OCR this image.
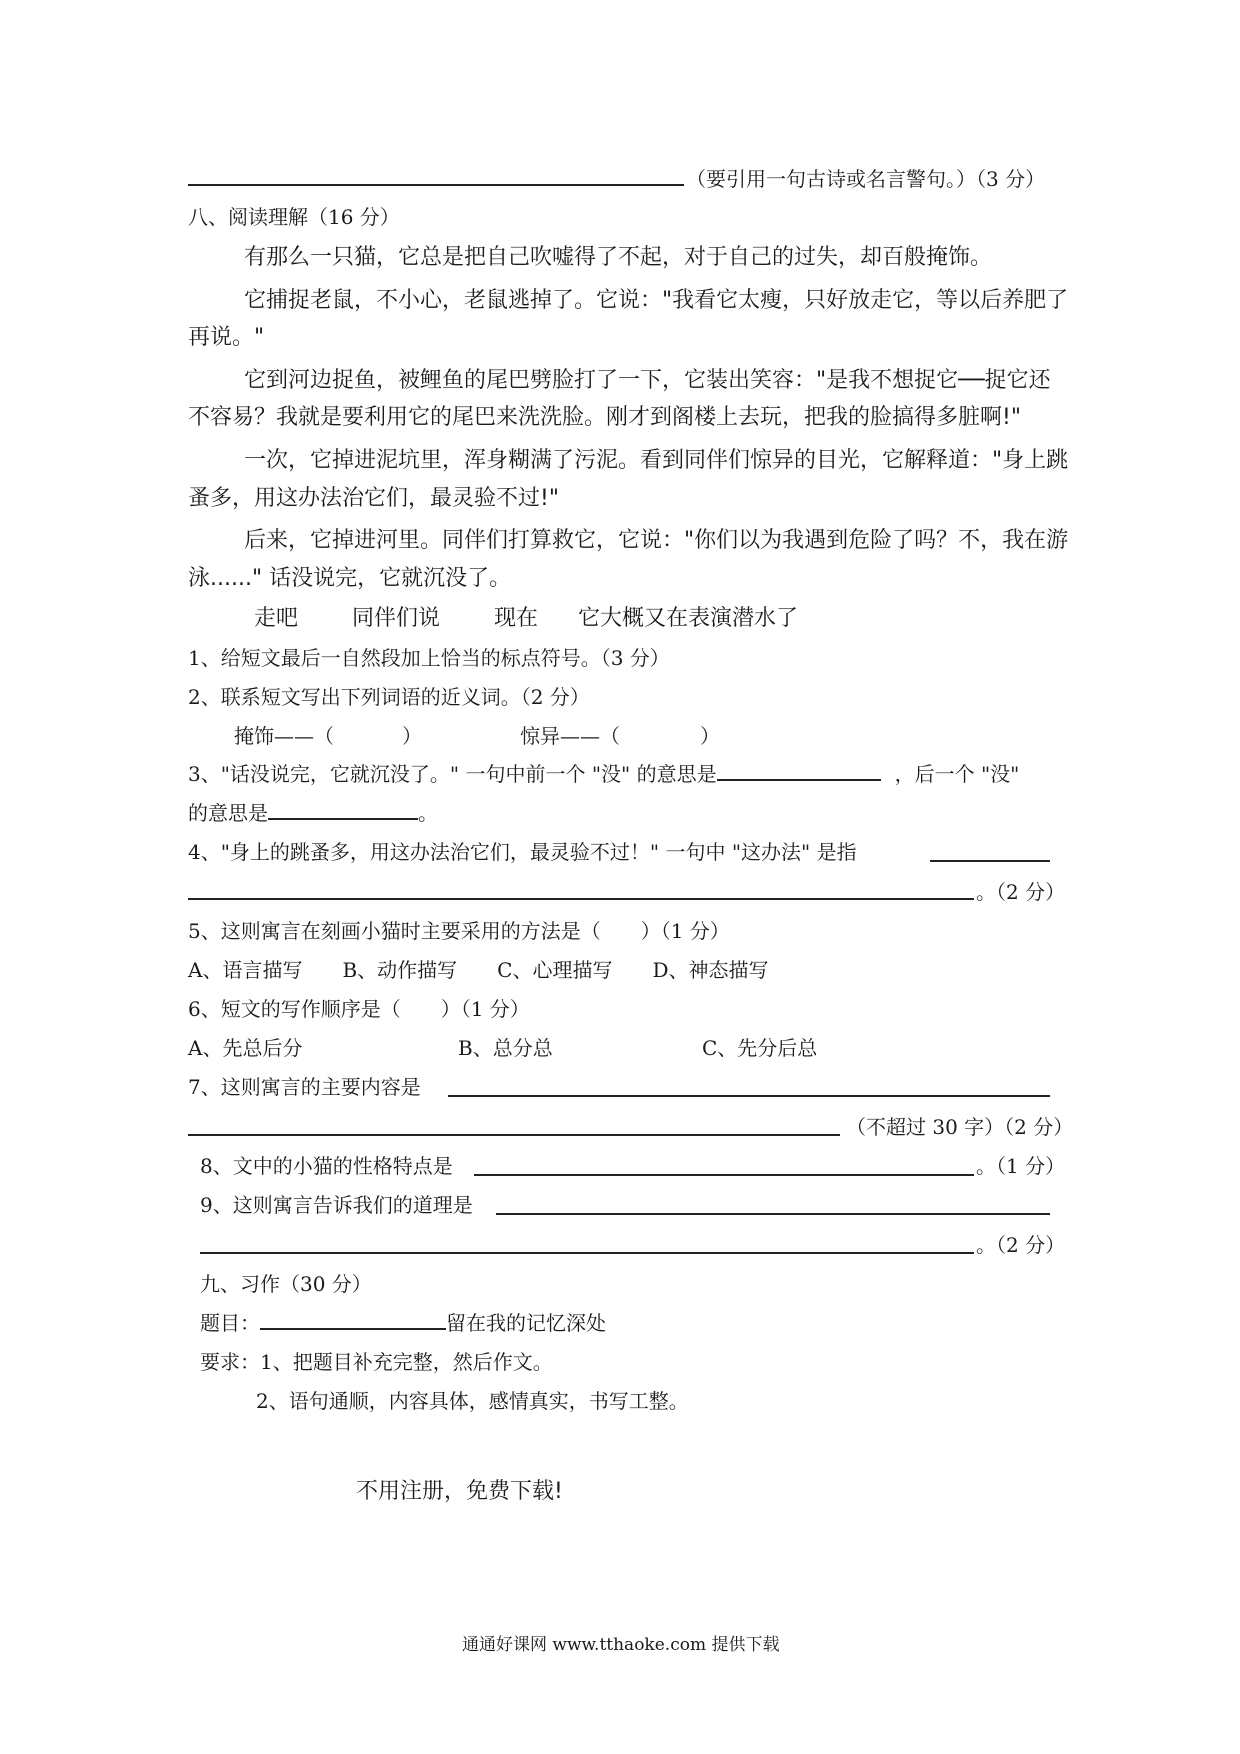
（要引用一句古诗或名言警句。）（3 分）
八、阅读理解（16 分）
有那么一只猫，它总是把自己吹嘘得了不起，对于自己的过失，却百般掩饰。
它捕捉老鼠，不小心，老鼠逃掉了。它说："我看它太瘦，只好放走它，等以后养肥了
再说。"
它到河边捉鱼，被鲤鱼的尾巴劈脸打了一下，它装出笑容："是我不想捉它──捉它还
不容易？我就是要利用它的尾巴来洗洗脸。刚才到阁楼上去玩，把我的脸搞得多脏啊!"
一次，它掉进泥坑里，浑身糊满了污泥。看到同伴们惊异的目光，它解释道："身上跳
蚤多，用这办法治它们，最灵验不过!"
后来，它掉进河里。同伴们打算救它，它说："你们以为我遇到危险了吗？不，我在游
泳......" 话没说完，它就沉没了。
走吧 同伴们说 现在 它大概又在表演潜水了
1、给短文最后一自然段加上恰当的标点符号。（3 分）
2、联系短文写出下列词语的近义词。（2 分）
掩饰——（	）	惊异——（	）
3、"话没说完，它就沉没了。" 一句中前一个 "没" 的意思是	，后一个 "没"
的意思是	。
4、"身上的跳蚤多，用这办法治它们，最灵验不过！" 一句中 "这办法" 是指
。（2 分）
5、这则寓言在刻画小猫时主要采用的方法是（　　）（1 分）
A、语言描写 B、动作描写 C、心理描写 D、神态描写
6、短文的写作顺序是（　　）（1 分）
A、先总后分	B、总分总	C、先分后总
7、这则寓言的主要内容是
（不超过 30 字）（2 分）
8、文中的小猫的性格特点是	。（1 分）
9、这则寓言告诉我们的道理是
。（2 分）
九、习作（30 分）
题目：	留在我的记忆深处
要求：1、把题目补充完整，然后作文。
2、语句通顺，内容具体，感情真实，书写工整。
不用注册，免费下载!
通通好课网 www.tthaoke.com 提供下载
